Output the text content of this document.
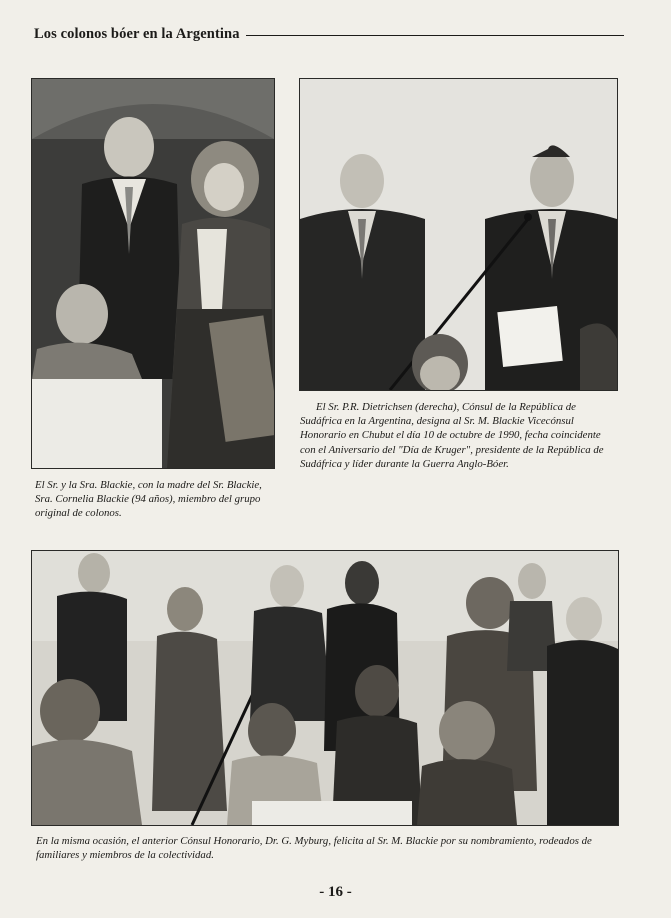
Los colonos bóer en la Argentina

El Sr. y la Sra. Blackie, con la madre del Sr. Blackie, Sra. Cornelia Blackie (94 años), miembro del grupo original de colonos.

El Sr. P.R. Dietrichsen (derecha), Cónsul de la República de Sudáfrica en la Argentina, designa al Sr. M. Blackie Vicecónsul Honorario en Chubut el día 10 de octubre de 1990, fecha coincidente con el Aniversario del "Día de Kruger", presidente de la República de Sudáfrica y líder durante la Guerra Anglo-Bóer.

En la misma ocasión, el anterior Cónsul Honorario, Dr. G. Myburg, felicita al Sr. M. Blackie por su nombramiento, rodeados de familiares y miembros de la colectividad.

- 16 -
